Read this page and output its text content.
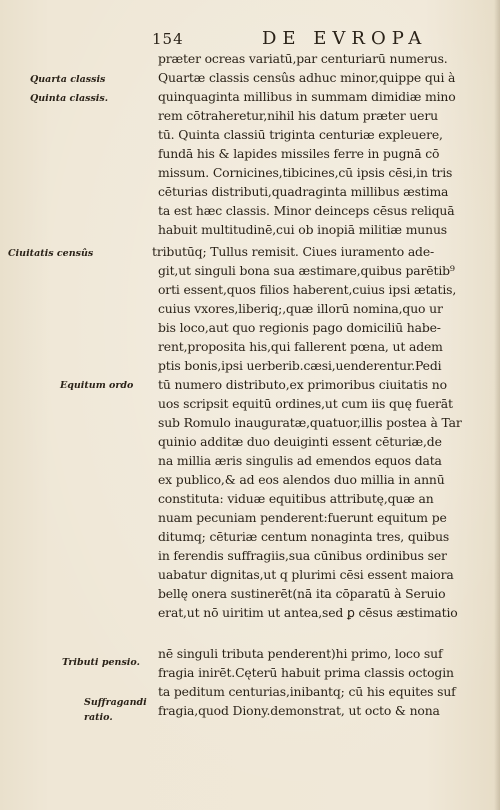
154	DE EVROPA
Quarta classis
Quinta classis.
Ciuitatis censûs
Equitum ordo
Tributi pensio.
Suffragandi
ratio.
præter ocreas variatū,par centuriarū numerus.
Quartæ classis censûs adhuc minor,quippe qui à
quinquaginta millibus in summam dimidiæ mino
rem cōtraheretur,nihil his datum præter ueru
tū. Quinta classiū triginta centuriæ expleuere,
fundā his & lapides missiles ferre in pugnā cō
missum. Cornicines,tibicines,cū ipsis cēsi,in tris
cēturias distributi,quadraginta millibus æstima
ta est hæc classis. Minor deinceps cēsus reliquā
habuit multitudinē,cui ob inopiā militiæ munus
tributūq; Tullus remisit. Ciues iuramento ade-
git,ut singuli bona sua æstimare,quibus parētib⁹
orti essent,quos filios haberent,cuius ipsi ætatis,
cuius vxores,liberiq;,quæ illorū nomina,quo ur
bis loco,aut quo regionis pago domiciliū habe-
rent,proposita his,qui fallerent pœna, ut adem
ptis bonis,ipsi uerberib.cæsi,uenderentur.Pedi
tū numero distributo,ex primoribus ciuitatis no
uos scripsit equitū ordines,ut cum iis quę fuerāt
sub Romulo inauguratæ,quatuor,illis postea à Tar
quinio additæ duo deuiginti essent cēturiæ,de
na millia æris singulis ad emendos equos data
ex publico,& ad eos alendos duo millia in annū
constituta: viduæ equitibus attributę,quæ an
nuam pecuniam penderent:fuerunt equitum pe
ditumq; cēturiæ centum nonaginta tres, quibus
in ferendis suffragiis,sua cūnibus ordinibus ser
uabatur dignitas,ut q plurimi cēsi essent maiora
bellę onera sustinerēt(nā ita cōparatū à Seruio
erat,ut nō uiritim ut antea,sed ꝑ cēsus æstimatio
nē singuli tributa penderent)hi primo, loco suf
fragia inirēt.Cęterū habuit prima classis octogin
ta peditum centurias,inibantq; cū his equites suf
fragia,quod Diony.demonstrat, ut octo & nona
